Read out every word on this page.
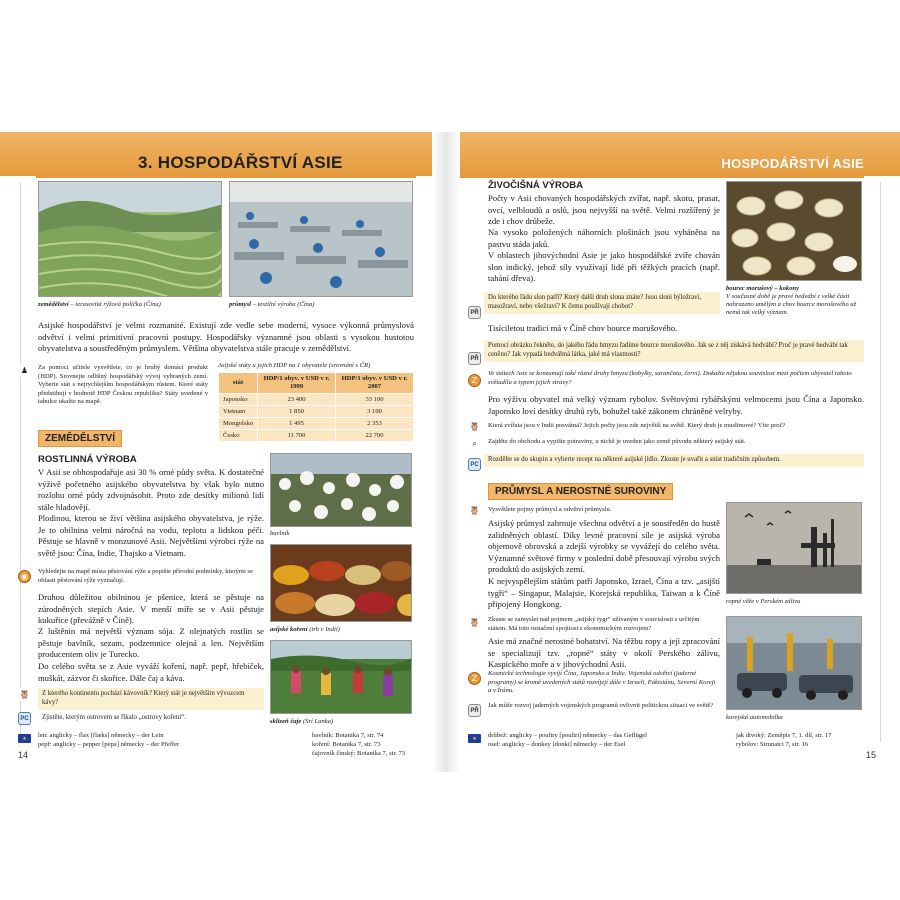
3. HOSPODÁŘSTVÍ ASIE	HOSPODÁŘSTVÍ ASIE
zemědělství – terasovitá rýžová políčka (Čína)	průmysl – textilní výroba (Čína)
Asijské hospodářství je velmi rozmanité. Existují zde vedle sebe moderní, vysoce výkonná průmyslová odvětví i velmi primitivní pracovní postupy. Hospodářsky významné jsou oblasti s vysokou hustotou obyvatelstva a soustředěným průmyslem. Většina obyvatelstva stále pracuje v zemědělství.
♟	Za pomoci učitele vysvětlete, co je hrubý domácí produkt (HDP). Srovnejte odlišný hospodářský vývoj vybraných zemí. Vyberte stát s nejrychlejším hospodářským růstem. Které státy předstihují v hodnotě HDP Českou republiku? Státy uvedené v tabulce ukažte na mapě.
Asijské státy a jejich HDP na 1 obyvatele (srovnání s ČR)
stát	HDP/1 obyv. v USD v r. 1999	HDP/1 obyv. v USD v r. 2007
Japonsko	23 400	33 100
Vietnam	1 850	3 100
Mongolsko	1 495	2 353
Česko	11 700	22 700
ZEMĚDĚLSTVÍ
ROSTLINNÁ VÝROBA
V Asii se obhospodařuje asi 30 % orné půdy světa. K dostatečné výživě početného asijského obyvatelstva by však bylo nutno rozlohu orné půdy zdvojnásobit. Proto zde desítky milionů lidí stále hladovějí.
Plodinou, kterou se živí většina asijského obyvatelstva, je rýže. Je to obilnina velmi náročná na vodu, teplotu a lidskou péči. Pěstuje se hlavně v monzunové Asii. Největšími výrobci rýže na světě jsou: Čína, Indie, Thajsko a Vietnam.
bavlník
◉
Vyhledejte na mapě místa pěstování rýže a popište přírodní podmínky, kterými se oblasti pěstování rýže vyznačují.
asijské koření (trh v Indii)
Druhou důležitou obilninou je pšenice, která se pěstuje na zúrodněných stepích Asie. V menší míře se v Asii pěstuje kukuřice (převážně v Číně).
Z luštěnin má největší význam sója. Z olejnatých rostlin se pěstuje bavlník, sezam, podzemnice olejná a len. Největším producentem oliv je Turecko.
Do celého světa se z Asie vyváží koření, např. pepř, hřebíček, muškát, zázvor či skořice. Dále čaj a káva.
sklizeň čaje (Srí Lanka)
🦉	Z kterého kontinentu pochází kávovník? Který stát je největším vývozcem kávy?
PC	Zjistěte, kterým ostrovem se říkalo „ostrovy koření“.
★	len: anglicky – flax [flæks] německy – der Lein
pepř: anglicky – pepper [pepə] německy – der Pfeffer
bavlník: Botanika 7, str. 74
koření: Botanika 7, str. 73
čajovník čínský: Botanika 7, str. 73
14
ŽIVOČIŠNÁ VÝROBA
Počty v Asii chovaných hospodářských zvířat, např. skotu, prasat, ovcí, velbloudů a oslů, jsou nejvyšší na světě. Velmi rozšířený je zde i chov drůbeže.
Na vysoko položených náhorních plošinách jsou vyháněna na pastvu stáda jaků.
V oblastech jihovýchodní Asie je jako hospodářské zvíře chován slon indický, jehož síly využívají lidé při těžkých pracích (např. tahání dřeva).
bourec morušový – kokony
V současné době je pravé hedvábí z velké části nahrazeno umělým a chov bource morušového už nemá tak velký význam.
PŘ
Do kterého řádu slon patří? Který další druh slona znáte? Jsou sloni býložraví, masožraví, nebo všežraví? K čemu používají chobot?
Tisíciletou tradici má v Číně chov bource morušového.
PŘ
Pomocí obrázku řekněte, do jakého řádu hmyzu řadíme bource morušového. Jak se z něj získává hedvábí? Proč je pravé hedvábí tak ceněno? Jak vypadá hedvábná látka, jaké má vlastnosti?
Z
Ve státech Asie se konzumují také různé druhy hmyzu (kobylky, sarančata, červi). Dokažte nějakou souvislost mezi počtem obyvatel tohoto světadílu a typem jejich stravy?
Pro výživu obyvatel má velký význam rybolov. Světovými rybářskými velmocemi jsou Čína a Japonsko. Japonsko loví desítky druhů ryb, bohužel také zákonem chráněné velryby.
🦉 Která zvířata jsou v Indii posvátná? Jejich počty jsou zde největší na světě. Který druh je muslimové? Víte proč?
⌕	Zajděte do obchodu a vypište potraviny, u nichž je uveden jako země původu některý asijský stát.
PC
Rozdělte se do skupin a vyberte recept na některé asijské jídlo. Zkuste je uvařit a sníst tradičním způsobem.
PRŮMYSL A NEROSTNÉ SUROVINY
🦉 Vysvětlete pojmy průmysl a odvětví průmyslu.
Asijský průmysl zahrnuje všechna odvětví a je soustředěn do hustě zalidněných oblastí. Díky levné pracovní síle je asijská výroba objemově obrovská a zdejší výrobky se vyvážejí do celého světa. Významné světové firmy v poslední době přesouvají výrobu svých produktů do asijských zemí.
K nejvyspělejším státům patří Japonsko, Izrael, Čína a tzv. „asijští tygři“ – Singapur, Malajsie, Korejská republika, Taiwan a k Číně připojený Hongkong.	ropné věže v Perském zálivu
🦉 Zkuste se zamyslet nad pojmem „asijský tygr“ užívaným v souvislosti s určitým státem. Má toto označení spojitost s ekonomickým rozvojem?
Asie má značné nerostné bohatství. Na těžbu ropy a její zpracování se specializují tzv. „ropné“ státy v okolí Perského zálivu, Kaspického moře a v jihovýchodní Asii.
korejská automobilka
Z
Kosmické technologie vyvíjí Čína, Japonsko a Indie. Vojenská odvětví (jaderné programy) se kromě uvedených států rozvíjejí dále v Izraeli, Pákistánu, Severní Koreji a v Íránu.
PŘ
Jak může rozvoj jaderných vojenských programů ovlivnit politickou situaci ve světě?
★	drůbež: anglicky – poultry [poultri] německy – das Geflügel
osel: anglicky – donkey [donki] německy – der Esel
jak divoký: Zeměpis 7, 1. díl, str. 17
rybolov: Strunatci 7, str. 16
15
